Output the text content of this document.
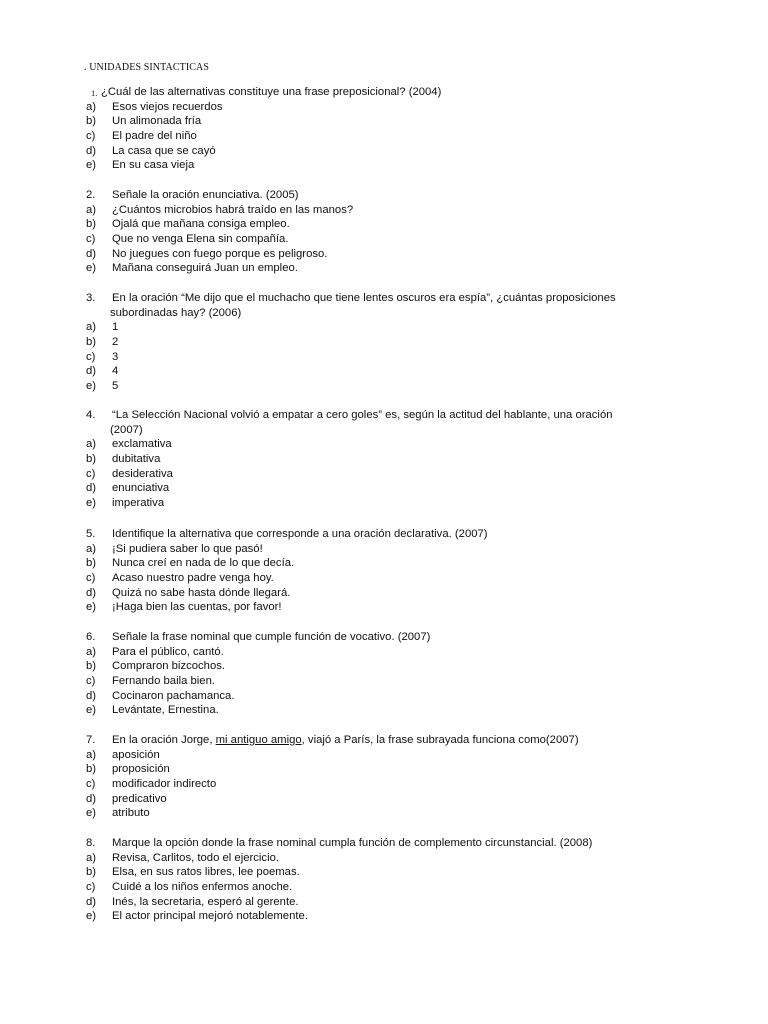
. UNIDADES SINTACTICAS
1. ¿Cuál de las alternativas constituye una frase preposicional? (2004)
a) Esos viejos recuerdos
b) Un alimonada fría
c) El padre del niño
d) La casa que se cayó
e) En su casa vieja
2. Señale la oración enunciativa. (2005)
a) ¿Cuántos microbios habrá traído en las manos?
b) Ojalá que mañana consiga empleo.
c) Que no venga Elena sin compañía.
d) No juegues con fuego porque es peligroso.
e) Mañana conseguirá Juan un empleo.
3. En la oración “Me dijo que el muchacho que tiene lentes oscuros era espía”, ¿cuántas proposiciones
subordinadas hay? (2006)
a) 1
b) 2
c) 3
d) 4
e) 5
4. “La Selección Nacional volvió a empatar a cero goles” es, según la actitud del hablante, una oración
(2007)
a) exclamativa
b) dubitativa
c) desiderativa
d) enunciativa
e) imperativa
5. Identifique la alternativa que corresponde a una oración declarativa. (2007)
a) ¡Si pudiera saber lo que pasó!
b) Nunca creí en nada de lo que decía.
c) Acaso nuestro padre venga hoy.
d) Quizá no sabe hasta dónde llegará.
e) ¡Haga bien las cuentas, por favor!
6. Señale la frase nominal que cumple función de vocativo. (2007)
a) Para el público, cantó.
b) Compraron bizcochos.
c) Fernando baila bien.
d) Cocinaron pachamanca.
e) Levántate, Ernestina.
7. En la oración Jorge, mi antiguo amigo, viajó a París, la frase subrayada funciona como(2007)
a) aposición
b) proposición
c) modificador indirecto
d) predicativo
e) atributo
8. Marque la opción donde la frase nominal cumpla función de complemento circunstancial. (2008)
a) Revisa, Carlitos, todo el ejercicio.
b) Elsa, en sus ratos libres, lee poemas.
c) Cuidé a los niños enfermos anoche.
d) Inés, la secretaria, esperó al gerente.
e) El actor principal mejoró notablemente.
